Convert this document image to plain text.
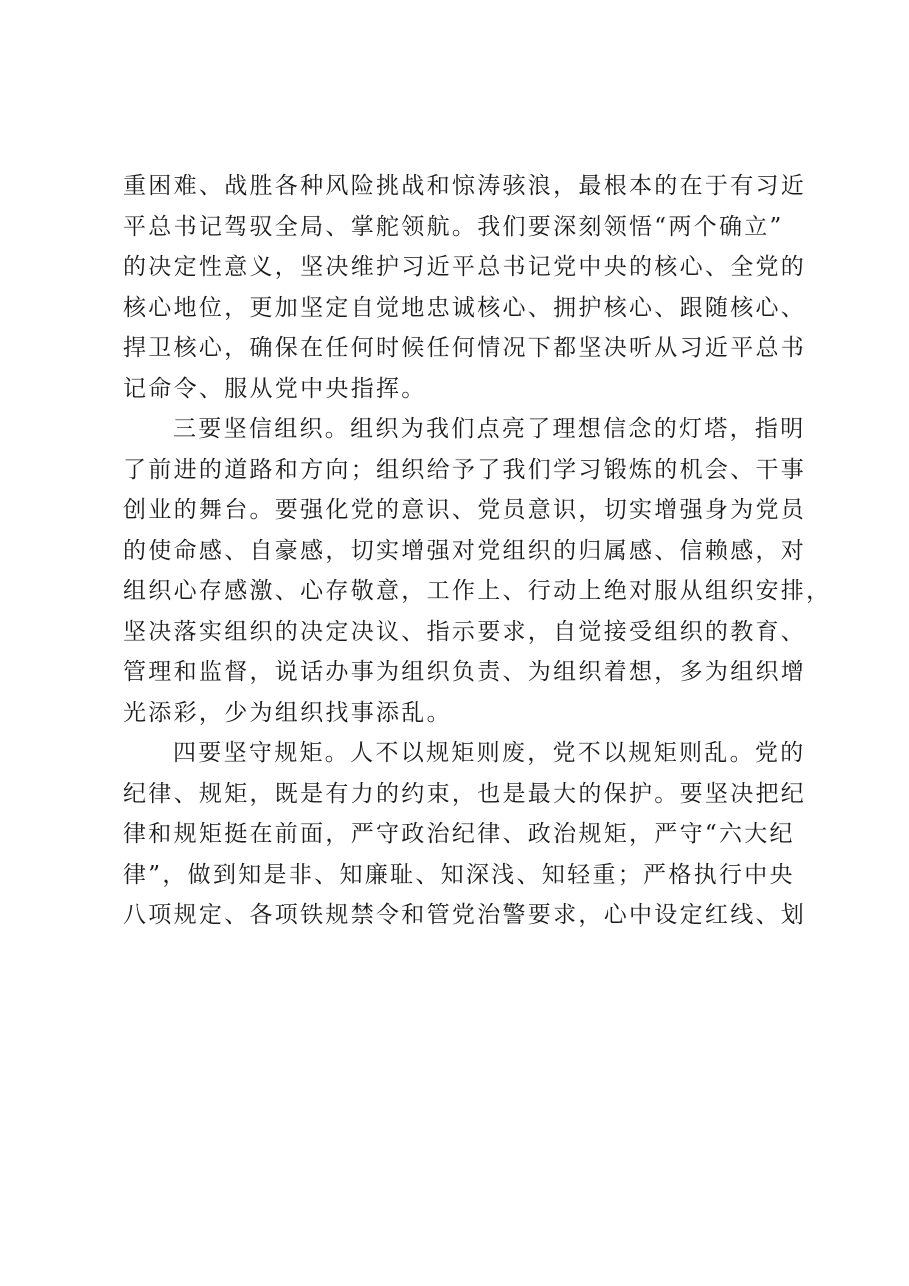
重困难、战胜各种风险挑战和惊涛骇浪，最根本的在于有习近
平总书记驾驭全局、掌舵领航。我们要深刻领悟“两个确立”
的决定性意义，坚决维护习近平总书记党中央的核心、全党的
核心地位，更加坚定自觉地忠诚核心、拥护核心、跟随核心、
捍卫核心，确保在任何时候任何情况下都坚决听从习近平总书
记命令、服从党中央指挥。
三要坚信组织。组织为我们点亮了理想信念的灯塔，指明
了前进的道路和方向；组织给予了我们学习锻炼的机会、干事
创业的舞台。要强化党的意识、党员意识，切实增强身为党员
的使命感、自豪感，切实增强对党组织的归属感、信赖感，对
组织心存感激、心存敬意，工作上、行动上绝对服从组织安排，
坚决落实组织的决定决议、指示要求，自觉接受组织的教育、
管理和监督，说话办事为组织负责、为组织着想，多为组织增
光添彩，少为组织找事添乱。
四要坚守规矩。人不以规矩则废，党不以规矩则乱。党的
纪律、规矩，既是有力的约束，也是最大的保护。要坚决把纪
律和规矩挺在前面，严守政治纪律、政治规矩，严守“六大纪
律”，做到知是非、知廉耻、知深浅、知轻重；严格执行中央
八项规定、各项铁规禁令和管党治警要求，心中设定红线、划
